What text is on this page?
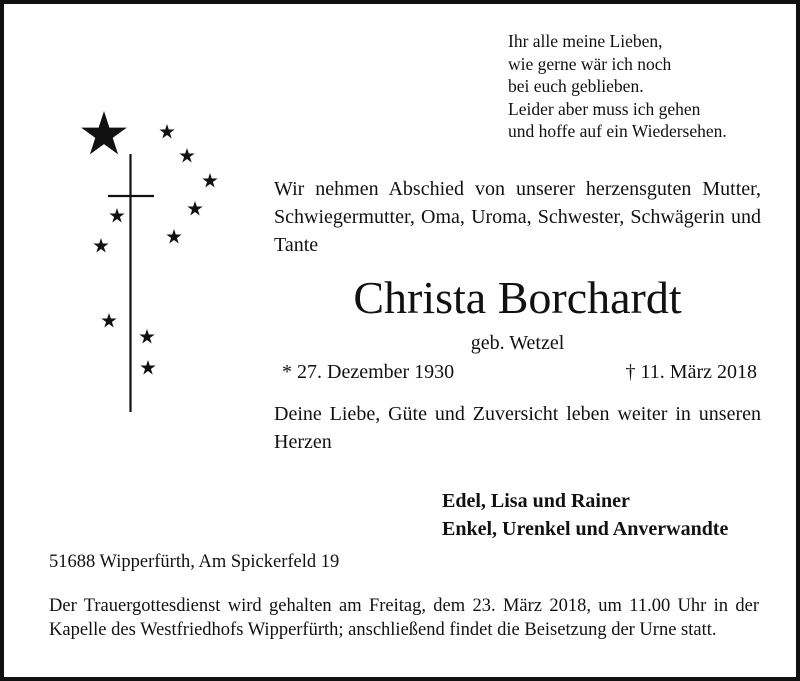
Ihr alle meine Lieben,
wie gerne wär ich noch
bei euch geblieben.
Leider aber muss ich gehen
und hoffe auf ein Wiedersehen.
Wir nehmen Abschied von unserer herzensguten Mutter, Schwiegermutter, Oma, Uroma, Schwester, Schwägerin und Tante
Christa Borchardt
geb. Wetzel
* 27. Dezember 1930	† 11. März 2018
Deine Liebe, Güte und Zuversicht leben weiter in unseren Herzen
Edel, Lisa und Rainer
Enkel, Urenkel und Anverwandte
51688 Wipperfürth, Am Spickerfeld 19
Der Trauergottesdienst wird gehalten am Freitag, dem 23. März 2018, um 11.00 Uhr in der Kapelle des Westfriedhofs Wipperfürth; anschließend findet die Beisetzung der Urne statt.
